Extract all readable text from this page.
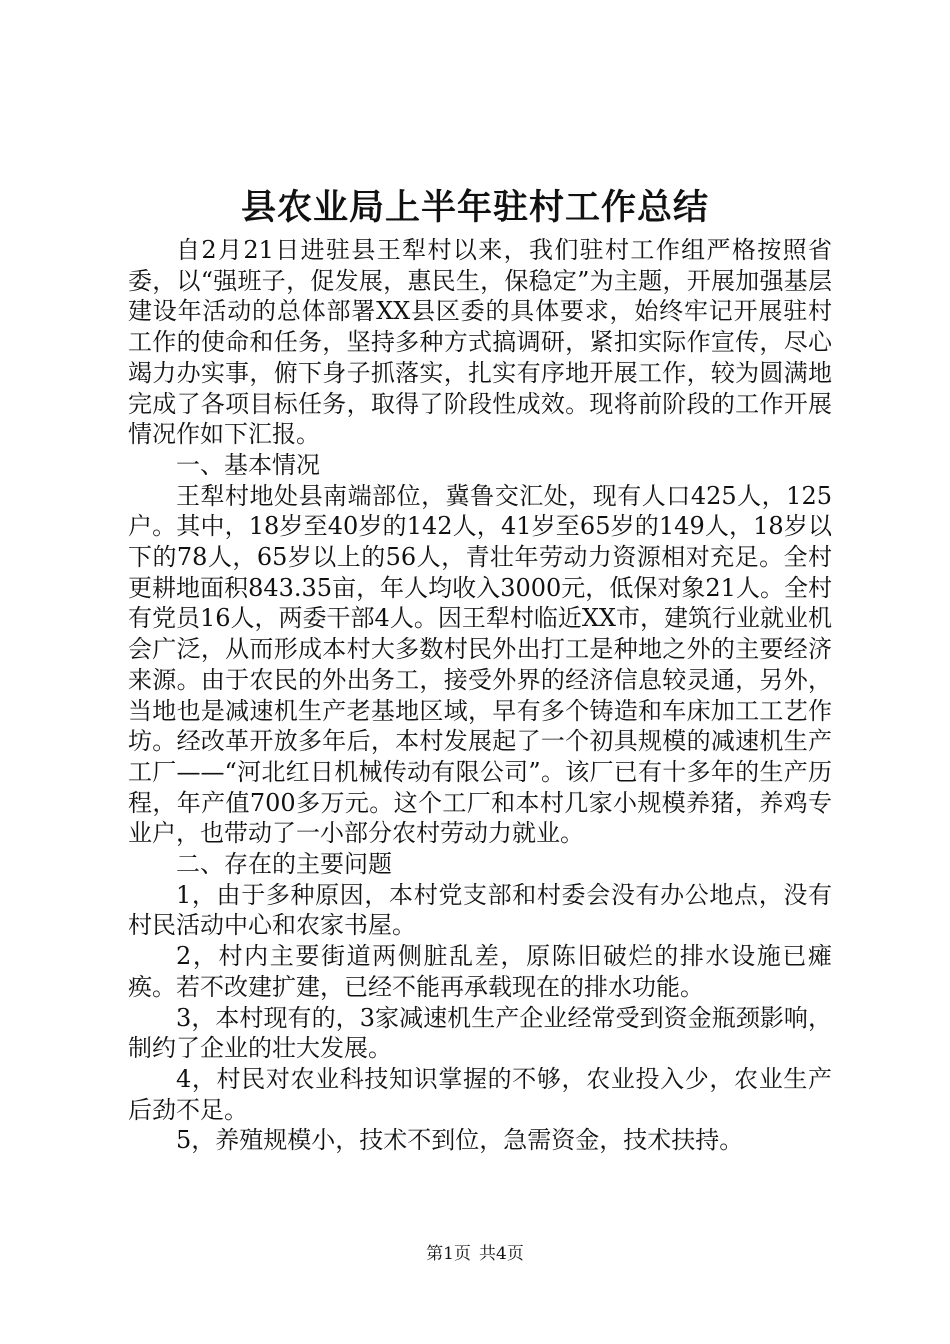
县农业局上半年驻村工作总结

自2月21日进驻县王犁村以来，我们驻村工作组严格按照省委，以“强班子，促发展，惠民生，保稳定”为主题，开展加强基层建设年活动的总体部署XX县区委的具体要求，始终牢记开展驻村工作的使命和任务，坚持多种方式搞调研，紧扣实际作宣传，尽心竭力办实事，俯下身子抓落实，扎实有序地开展工作，较为圆满地完成了各项目标任务，取得了阶段性成效。现将前阶段的工作开展情况作如下汇报。

一、基本情况

王犁村地处县南端部位，冀鲁交汇处，现有人口425人，125户。其中，18岁至40岁的142人，41岁至65岁的149人，18岁以下的78人，65岁以上的56人，青壮年劳动力资源相对充足。全村更耕地面积843.35亩，年人均收入3000元，低保对象21人。全村有党员16人，两委干部4人。因王犁村临近XX市，建筑行业就业机会广泛，从而形成本村大多数村民外出打工是种地之外的主要经济来源。由于农民的外出务工，接受外界的经济信息较灵通，另外，当地也是减速机生产老基地区域，早有多个铸造和车床加工工艺作坊。经改革开放多年后，本村发展起了一个初具规模的减速机生产工厂——“河北红日机械传动有限公司”。该厂已有十多年的生产历程，年产值700多万元。这个工厂和本村几家小规模养猪，养鸡专业户，也带动了一小部分农村劳动力就业。

二、存在的主要问题

1，由于多种原因，本村党支部和村委会没有办公地点，没有村民活动中心和农家书屋。

2，村内主要街道两侧脏乱差，原陈旧破烂的排水设施已瘫痪。若不改建扩建，已经不能再承载现在的排水功能。

3，本村现有的，3家减速机生产企业经常受到资金瓶颈影响，制约了企业的壮大发展。

4，村民对农业科技知识掌握的不够，农业投入少，农业生产后劲不足。

5，养殖规模小，技术不到位，急需资金，技术扶持。

第1页 共4页
